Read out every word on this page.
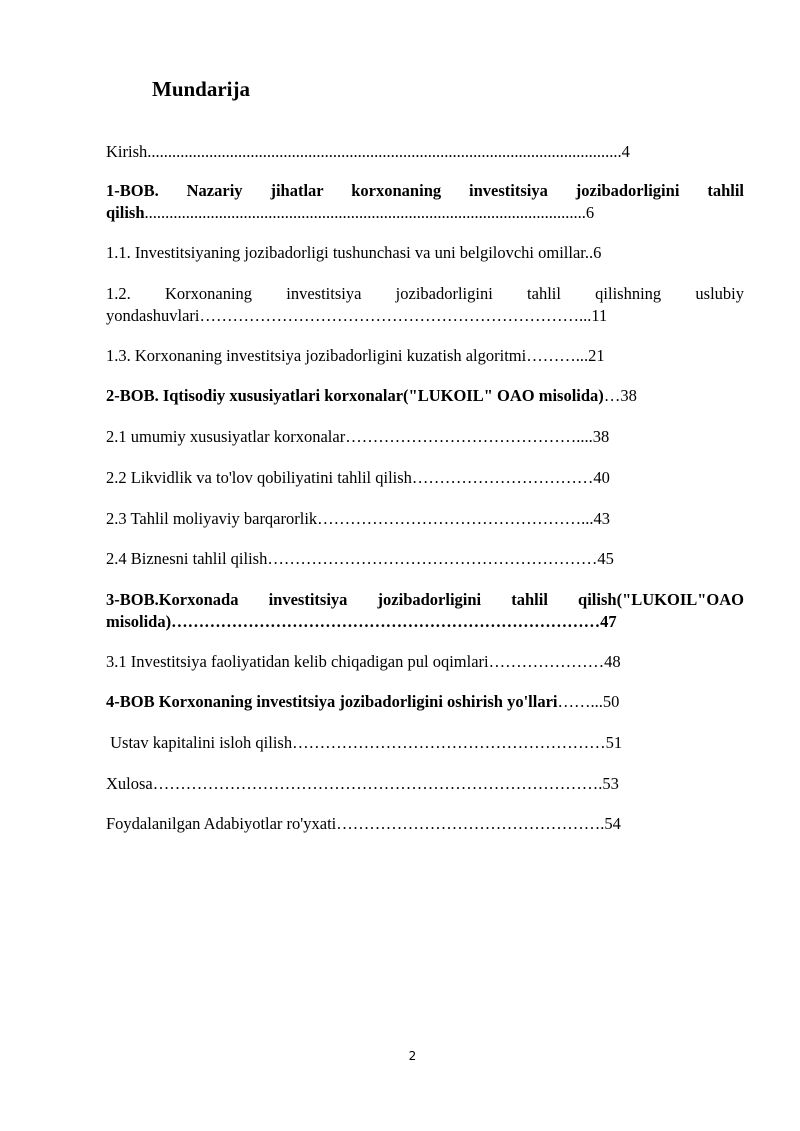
Mundarija
Kirish...................................................................................................................4
1-BOB. Nazariy jihatlar korxonaning investitsiya jozibadorligini tahlil
qilish...........................................................................................................6
1.1. Investitsiyaning jozibadorligi tushunchasi va uni belgilovchi omillar..6
1.2. Korxonaning investitsiya jozibadorligini tahlil qilishning uslubiy
yondashuvlari……………………………………………………………...11
1.3. Korxonaning investitsiya jozibadorligini kuzatish algoritmi………...21
2-BOB. Iqtisodiy xususiyatlari korxonalar("LUKOIL" OAO misolida)…38
2.1 umumiy xususiyatlar korxonalar……………………………………....38
2.2 Likvidlik va to'lov qobiliyatini tahlil qilish……………………………40
2.3 Tahlil moliyaviy barqarorlik…………………………………………...43
2.4 Biznesni tahlil qilish……………………………………………………45
3-BOB.Korxonada investitsiya jozibadorligini tahlil qilish("LUKOIL"OAO
misolida)……………………………………………………………………47
3.1 Investitsiya faoliyatidan kelib chiqadigan pul oqimlari…………………48
4-BOB Korxonaning investitsiya jozibadorligini oshirish yo'llari……...50
Ustav kapitalini isloh qilish…………………………………………………51
Xulosa……………………………………………………………………….53
Foydalanilgan Adabiyotlar ro'yxati………………………………………….54
2
